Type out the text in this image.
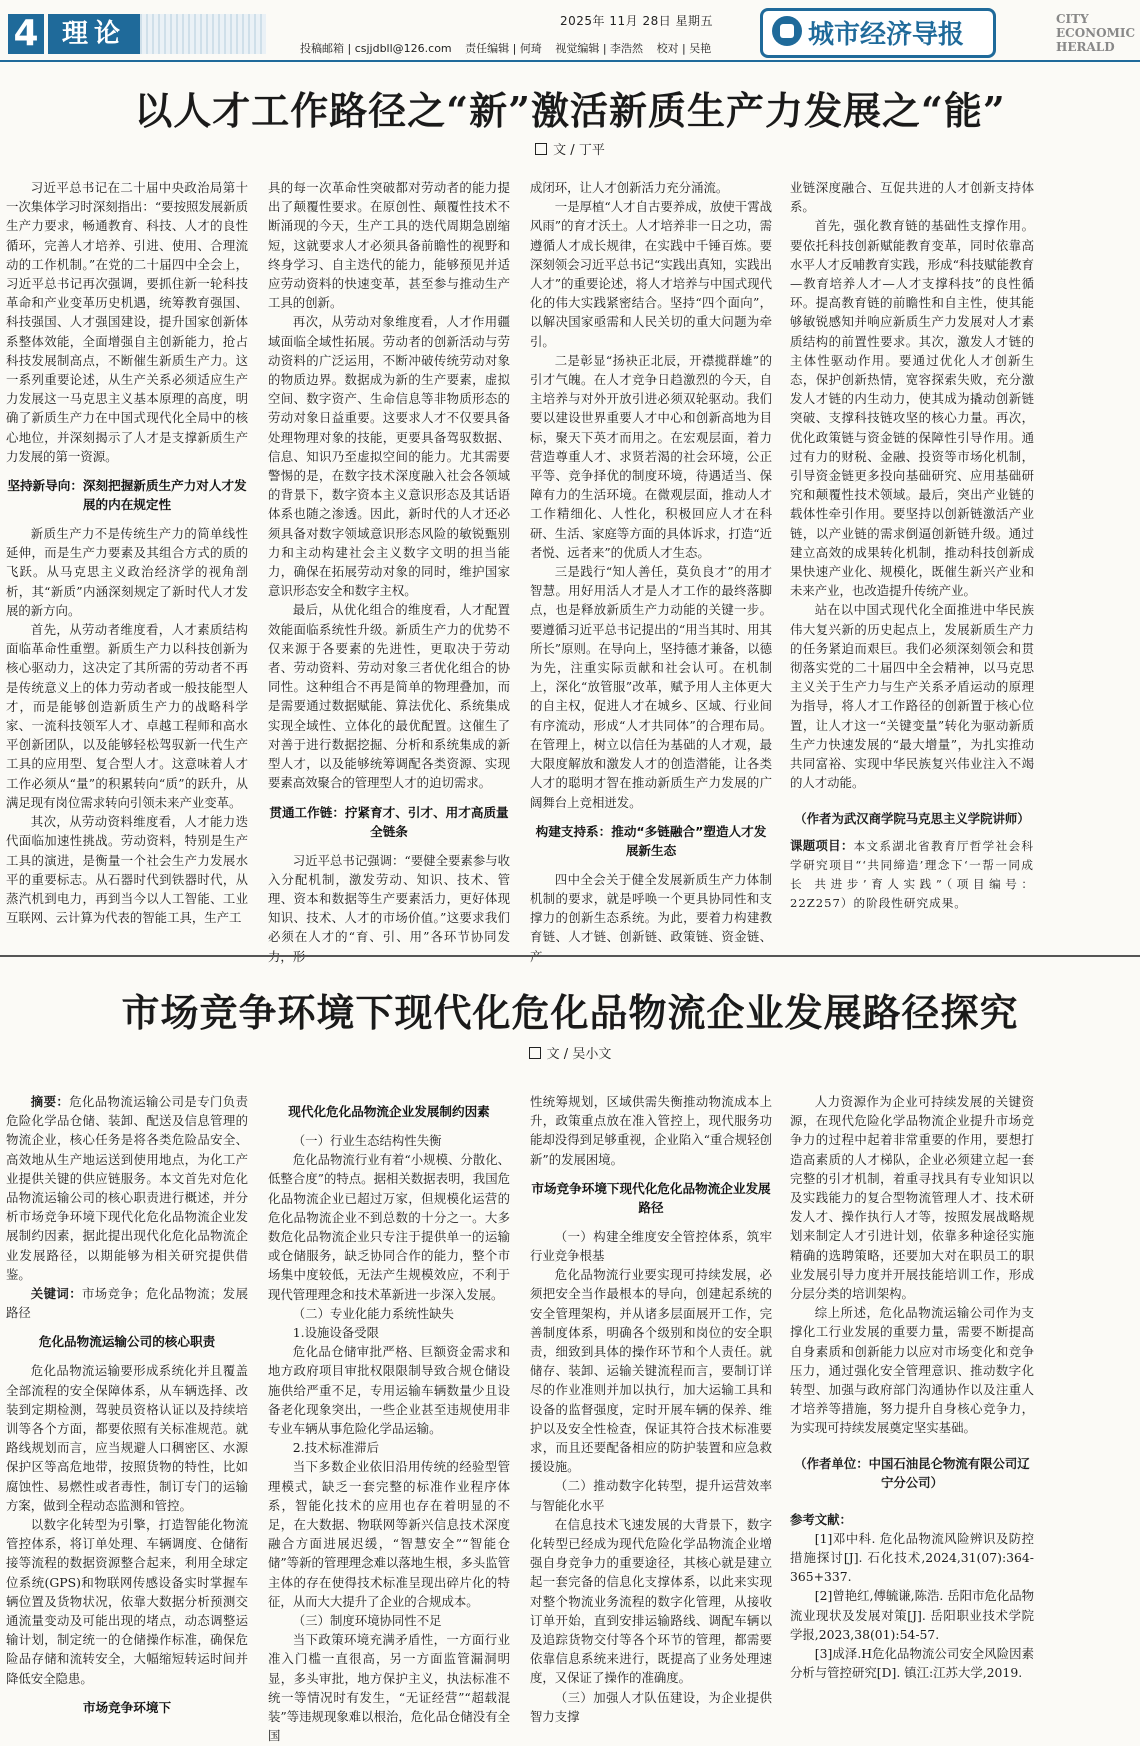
4 理论	2025年 11月 28日 星期五
投稿邮箱 | csjjdbll@126.com 责任编辑 | 何琦 视觉编辑 | 李浩然 校对 | 吴艳	城市经济导报
CITY ECONOMIC HERALD
以人才工作路径之“新”激活新质生产力发展之“能”
文 / 丁平

习近平总书记在二十届中央政治局第十一次集体学习时深刻指出：“要按照发展新质生产力要求，畅通教育、科技、人才的良性循环，完善人才培养、引进、使用、合理流动的工作机制。”在党的二十届四中全会上，习近平总书记再次强调，要抓住新一轮科技革命和产业变革历史机遇，统筹教育强国、科技强国、人才强国建设，提升国家创新体系整体效能，全面增强自主创新能力，抢占科技发展制高点，不断催生新质生产力。这一系列重要论述，从生产关系必须适应生产力发展这一马克思主义基本原理的高度，明确了新质生产力在中国式现代化全局中的核心地位，并深刻揭示了人才是支撑新质生产力发展的第一资源。

坚持新导向：深刻把握新质生产力对人才发展的内在规定性

新质生产力不是传统生产力的简单线性延伸，而是生产力要素及其组合方式的质的飞跃。从马克思主义政治经济学的视角剖析，其“新质”内涵深刻规定了新时代人才发展的新方向。

首先，从劳动者维度看，人才素质结构面临革命性重塑。新质生产力以科技创新为核心驱动力，这决定了其所需的劳动者不再是传统意义上的体力劳动者或一般技能型人才，而是能够创造新质生产力的战略科学家、一流科技领军人才、卓越工程师和高水平创新团队，以及能够轻松驾驭新一代生产工具的应用型、复合型人才。这意味着人才工作必须从“量”的积累转向“质”的跃升，从满足现有岗位需求转向引领未来产业变革。

其次，从劳动资料维度看，人才能力迭代面临加速性挑战。劳动资料，特别是生产工具的演进，是衡量一个社会生产力发展水平的重要标志。从石器时代到铁器时代，从蒸汽机到电力，再到当今以人工智能、工业互联网、云计算为代表的智能工具，生产工

具的每一次革命性突破都对劳动者的能力提出了颠覆性要求。在原创性、颠覆性技术不断涌现的今天，生产工具的迭代周期急剧缩短，这就要求人才必须具备前瞻性的视野和终身学习、自主迭代的能力，能够预见并适应劳动资料的快速变革，甚至参与推动生产工具的创新。

再次，从劳动对象维度看，人才作用疆域面临全域性拓展。劳动者的创新活动与劳动资料的广泛运用，不断冲破传统劳动对象的物质边界。数据成为新的生产要素，虚拟空间、数字资产、生命信息等非物质形态的劳动对象日益重要。这要求人才不仅要具备处理物理对象的技能，更要具备驾驭数据、信息、知识乃至虚拟空间的能力。尤其需要警惕的是，在数字技术深度融入社会各领域的背景下，数字资本主义意识形态及其话语体系也随之渗透。因此，新时代的人才还必须具备对数字领域意识形态风险的敏锐甄别力和主动构建社会主义数字文明的担当能力，确保在拓展劳动对象的同时，维护国家意识形态安全和数字主权。

最后，从优化组合的维度看，人才配置效能面临系统性升级。新质生产力的优势不仅来源于各要素的先进性，更取决于劳动者、劳动资料、劳动对象三者优化组合的协同性。这种组合不再是简单的物理叠加，而是需要通过数据赋能、算法优化、系统集成实现全域性、立体化的最优配置。这催生了对善于进行数据挖掘、分析和系统集成的新型人才，以及能够统筹调配各类资源、实现要素高效聚合的管理型人才的迫切需求。

贯通工作链：拧紧育才、引才、用才高质量全链条

习近平总书记强调：“要健全要素参与收入分配机制，激发劳动、知识、技术、管理、资本和数据等生产要素活力，更好体现知识、技术、人才的市场价值。”这要求我们必须在人才的“育、引、用”各环节协同发

成闭环，让人才创新活力充分涌流。

一是厚植“人才自古要养成，放使干霄战风雨”的育才沃土。人才培养非一日之功，需遵循人才成长规律，在实践中千锤百炼。要深刻领会习近平总书记“实践出真知，实践出人才”的重要论述，将人才培养与中国式现代化的伟大实践紧密结合。坚持“四个面向”，以解决国家亟需和人民关切的重大问题为牵引。

二是彰显“扬袂正北辰，开襟揽群雄”的引才气魄。在人才竞争日趋激烈的今天，自主培养与对外开放引进必须双轮驱动。我们要以建设世界重要人才中心和创新高地为目标，聚天下英才而用之。在宏观层面，着力营造尊重人才、求贤若渴的社会环境，公正平等、竞争择优的制度环境，待遇适当、保障有力的生活环境。在微观层面，推动人才工作精细化、人性化，积极回应人才在科研、生活、家庭等方面的具体诉求，打造“近者悦、远者来”的优质人才生态。

三是践行“知人善任，莫负良才”的用才智慧。用好用活人才是人才工作的最终落脚点，也是释放新质生产力动能的关键一步。要遵循习近平总书记提出的“用当其时、用其所长”原则。在导向上，坚持德才兼备，以德为先，注重实际贡献和社会认可。在机制上，深化“放管服”改革，赋予用人主体更大的自主权，促进人才在城乡、区域、行业间有序流动，形成“人才共同体”的合理布局。在管理上，树立以信任为基础的人才观，最大限度解放和激发人才的创造潜能，让各类人才的聪明才智在推动新质生产力发展的广阔舞台上竞相迸发。

构建支持系：推动“多链融合”塑造人才发展新生态

四中全会关于健全发展新质生产力体制机制的要求，就是呼唤一个更具协同性和支撑力的创新生态系统。为此，要着力构建教育链、人才链、创新链、政策链、资金链、

业链深度融合、互促共进的人才创新支持体系。

首先，强化教育链的基础性支撑作用。要依托科技创新赋能教育变革，同时依靠高水平人才反哺教育实践，形成“科技赋能教育—教育培养人才—人才支撑科技”的良性循环。提高教育链的前瞻性和自主性，使其能够敏锐感知并响应新质生产力发展对人才素质结构的前置性要求。其次，激发人才链的主体性驱动作用。要通过优化人才创新生态，保护创新热情，宽容探索失败，充分激发人才链的内生动力，使其成为撬动创新链突破、支撑科技链攻坚的核心力量。再次，优化政策链与资金链的保障性引导作用。通过有力的财税、金融、投资等市场化机制，引导资金链更多投向基础研究、应用基础研究和颠覆性技术领域。最后，突出产业链的载体性牵引作用。要坚持以创新链激活产业链，以产业链的需求倒逼创新链升级。通过建立高效的成果转化机制，推动科技创新成果快速产业化、规模化，既催生新兴产业和未来产业，也改造提升传统产业。

站在以中国式现代化全面推进中华民族伟大复兴新的历史起点上，发展新质生产力的任务紧迫而艰巨。我们必须深刻领会和贯彻落实党的二十届四中全会精神，以马克思主义关于生产力与生产关系矛盾运动的原理为指导，将人才工作路径的创新置于核心位置，让人才这一“关键变量”转化为驱动新质生产力快速发展的“最大增量”，为扎实推动共同富裕、实现中华民族复兴伟业注入不竭的人才动能。

（作者为武汉商学院马克思主义学院讲师）

课题项目：本文系湖北省教育厅哲学社会科学研究项目“‘共同缔造’理念下‘一帮一同成长 共进步’育人实践”（项目编号：22Z257）的阶段性研究成果。

市场竞争环境下现代化危化品物流企业发展路径探究
文 / 吴小文

摘要：危化品物流运输公司是专门负责危险化学品仓储、装卸、配送及信息管理的物流企业，核心任务是将各类危险品安全、高效地从生产地运送到使用地点，为化工产业提供关键的供应链服务。本文首先对危化品物流运输公司的核心职责进行概述，并分析市场竞争环境下现代化危化品物流企业发展制约因素，据此提出现代化危化品物流企业发展路径，以期能够为相关研究提供借鉴。

关键词：市场竞争；危化品物流；发展路径

危化品物流运输公司的核心职责

危化品物流运输要形成系统化并且覆盖全部流程的安全保障体系，从车辆选择、改装到定期检测，驾驶员资格认证以及持续培训等各个方面，都要依照有关标准规范。就路线规划而言，应当规避人口稠密区、水源保护区等高危地带，按照货物的特性，比如腐蚀性、易燃性或者毒性，制订专门的运输方案，做到全程动态监测和管控。

以数字化转型为引擎，打造智能化物流管控体系，将订单处理、车辆调度、仓储衔接等流程的数据资源整合起来，利用全球定位系统(GPS)和物联网传感设备实时掌握车辆位置及货物状况，依靠大数据分析预测交通流量变动及可能出现的堵点，动态调整运输计划，制定统一的仓储操作标准，确保危险品存储和流转安全，大幅缩短转运时间并降低安全隐患。

市场竞争环境下

现代化危化品物流企业发展制约因素

（一）行业生态结构性失衡

危化品物流行业有着“小规模、分散化、低整合度”的特点。据相关数据表明，我国危化品物流企业已超过万家，但规模化运营的危化品物流企业不到总数的十分之一。大多数危化品物流企业只专注于提供单一的运输或仓储服务，缺乏协同合作的能力，整个市场集中度较低，无法产生规模效应，不利于现代管理理念和技术革新进一步深入发展。

（二）专业化能力系统性缺失

1.设施设备受限

危化品仓储审批严格、巨额资金需求和地方政府项目审批权限限制导致合规仓储设施供给严重不足，专用运输车辆数量少且设备老化现象突出，一些企业甚至违规使用非专业车辆从事危险化学品运输。

2.技术标准滞后

当下多数企业依旧沿用传统的经验型管理模式，缺乏一套完整的标准作业程序体系，智能化技术的应用也存在着明显的不足，在大数据、物联网等新兴信息技术深度融合方面进展迟缓，“智慧安全”“智能仓储”等新的管理理念难以落地生根，多头监管主体的存在使得技术标准呈现出碎片化的特征，从而大大提升了企业的合规成本。

（三）制度环境协同性不足

当下政策环境充满矛盾性，一方面行业准入门槛一直很高，另一方面监管漏洞明显，多头审批，地方保护主义，执法标准不统一等情况时有发生，“无证经营”“超载混装”等违规现象难以根治，危化品仓储没有全国

性统筹规划，区域供需失衡推动物流成本上升，政策重点放在准入管控上，现代服务功能却没得到足够重视，企业陷入“重合规轻创新”的发展困境。

市场竞争环境下现代化危化品物流企业发展路径

（一）构建全维度安全管控体系，筑牢行业竞争根基

危化品物流行业要实现可持续发展，必须把安全当作最根本的导向，创建起系统的安全管理架构，并从诸多层面展开工作，完善制度体系，明确各个级别和岗位的安全职责，细致到具体的操作环节和个人责任。就储存、装卸、运输关键流程而言，要制订详尽的作业准则并加以执行，加大运输工具和设备的监督强度，定时开展车辆的保养、维护以及安全性检查，保证其符合技术标准要求，而且还要配备相应的防护装置和应急救援设施。

（二）推动数字化转型，提升运营效率与智能化水平

在信息技术飞速发展的大背景下，数字化转型已经成为现代危险化学品物流企业增强自身竞争力的重要途径，其核心就是建立起一套完备的信息化支撑体系，以此来实现对整个物流业务流程的数字化管理，从接收订单开始，直到安排运输路线、调配车辆以及追踪货物交付等各个环节的管理，都需要依靠信息系统来进行，既提高了业务处理速度，又保证了操作的准确度。

（三）加强人才队伍建设，为企业提供智力支撑

人力资源作为企业可持续发展的关键资源，在现代危险化学品物流企业提升市场竞争力的过程中起着非常重要的作用，要想打造高素质的人才梯队，企业必须建立起一套完整的引才机制，着重寻找具有专业知识以及实践能力的复合型物流管理人才、技术研发人才、操作执行人才等，按照发展战略规划来制定人才引进计划，依靠多种途径实施精确的选聘策略，还要加大对在职员工的职业发展引导力度并开展技能培训工作，形成分层分类的培训架构。

综上所述，危化品物流运输公司作为支撑化工行业发展的重要力量，需要不断提高自身素质和创新能力以应对市场变化和竞争压力，通过强化安全管理意识、推动数字化转型、加强与政府部门沟通协作以及注重人才培养等措施，努力提升自身核心竞争力，为实现可持续发展奠定坚实基础。

（作者单位：中国石油昆仑物流有限公司辽宁分公司）

参考文献：

[1]邓中科. 危化品物流风险辨识及防控措施探讨[J]. 石化技术,2024,31(07):364-365+337.

[2]曾艳红,傅毓谦,陈浩. 岳阳市危化品物流业现状及发展对策[J]. 岳阳职业技术学院学报,2023,38(01):54-57.

[3]成泽.H危化品物流公司安全风险因素分析与管控研究[D]. 镇江:江苏大学,2019.
